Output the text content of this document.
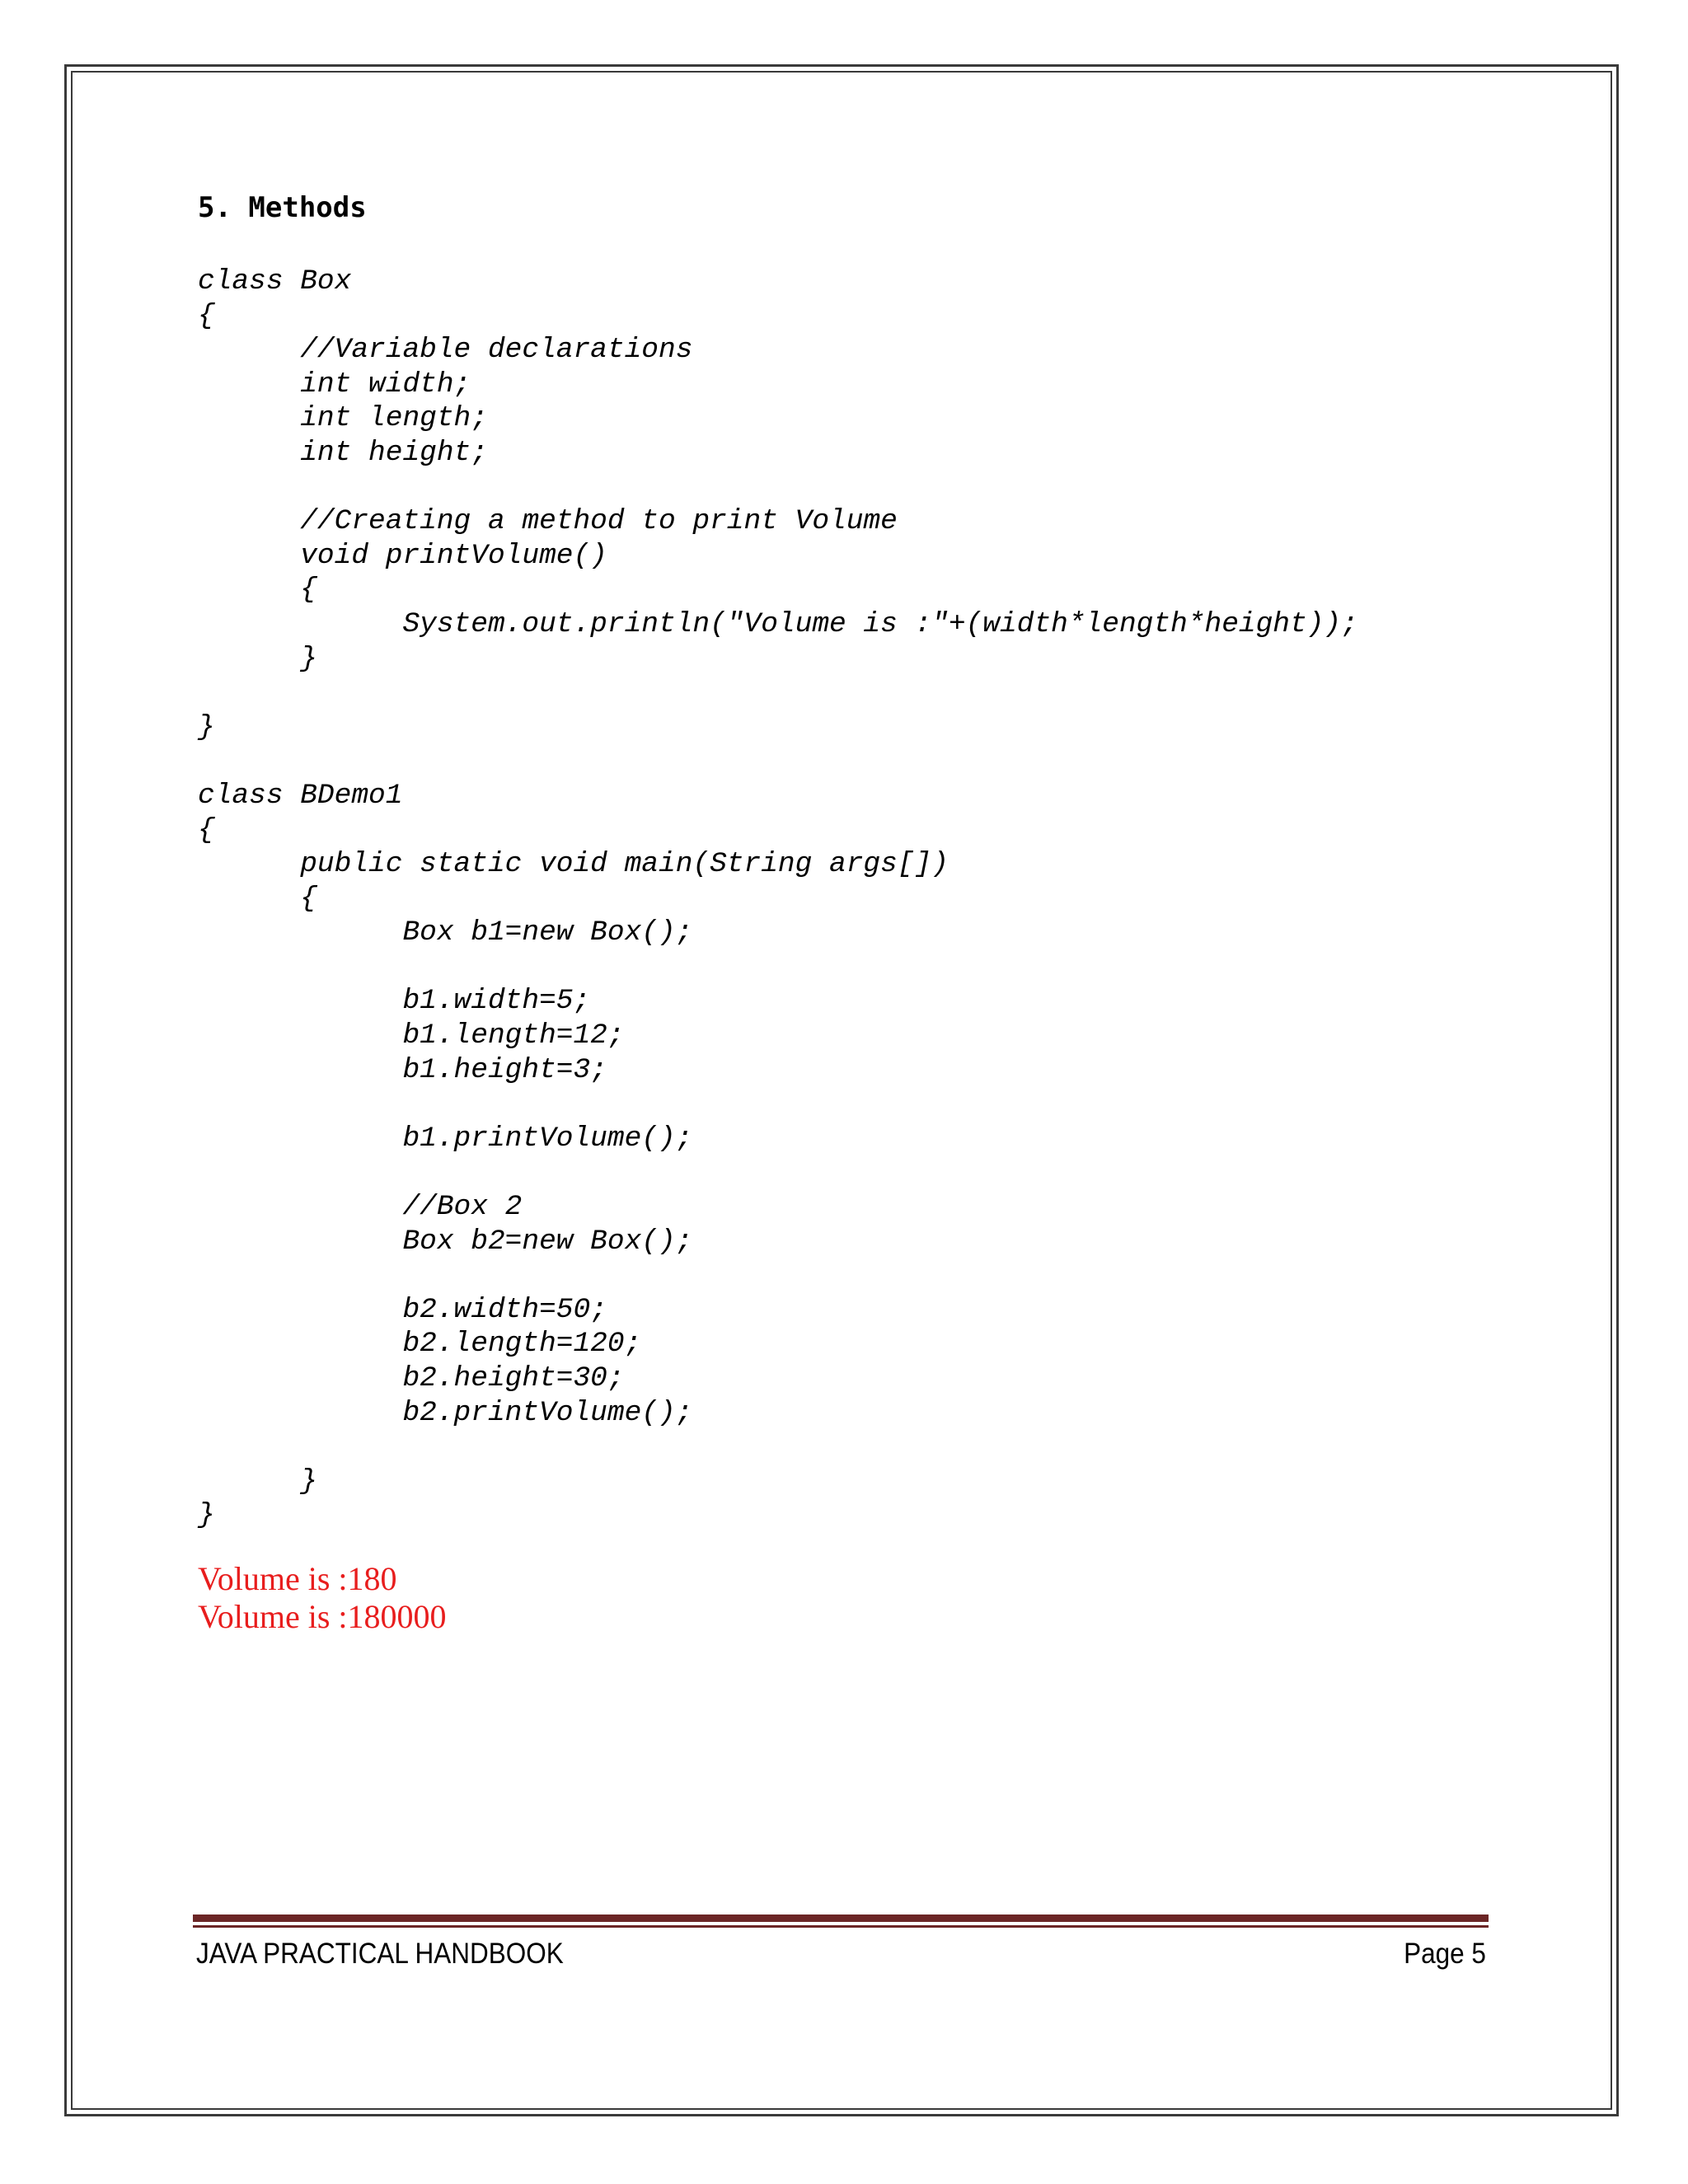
5. Methods
class Box
{
//Variable declarations
int width;
int length;
int height;
//Creating a method to print Volume
void printVolume()
{
System.out.println("Volume is :"+(width*length*height));
}
}
class BDemo1
{
public static void main(String args[])
{
Box b1=new Box();
b1.width=5;
b1.length=12;
b1.height=3;
b1.printVolume();
//Box 2
Box b2=new Box();
b2.width=50;
b2.length=120;
b2.height=30;
b2.printVolume();
}
}
Volume is :180
Volume is :180000
JAVA PRACTICAL HANDBOOK	Page 5
